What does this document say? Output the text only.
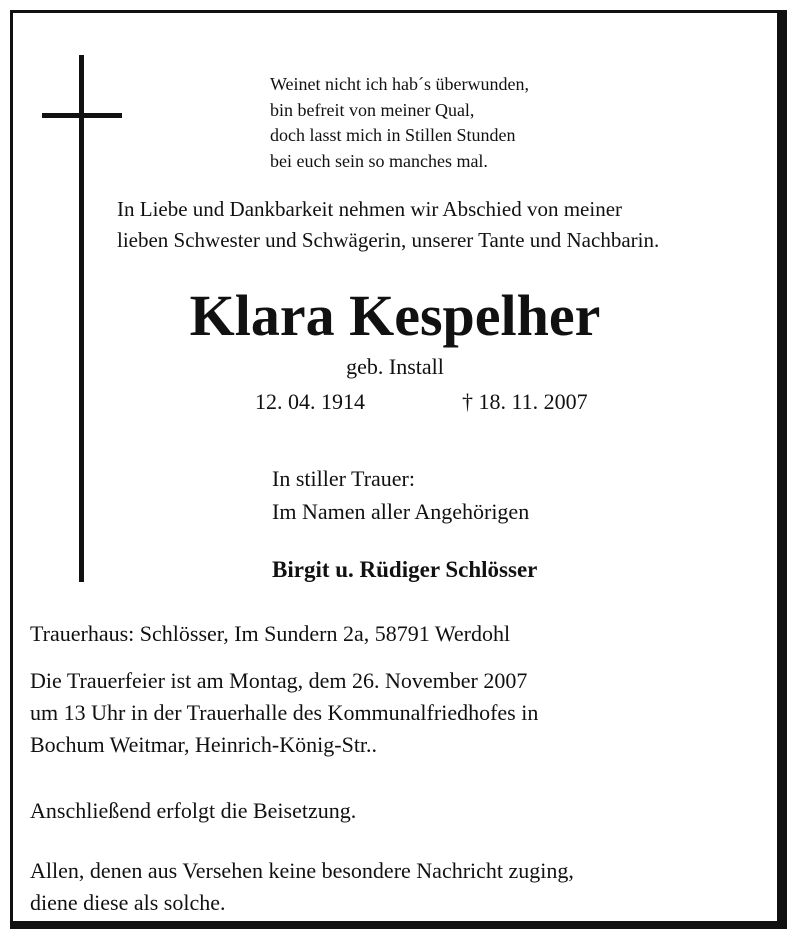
Weinet nicht ich hab´s überwunden,
bin befreit von meiner Qual,
doch lasst mich in Stillen Stunden
bei euch sein so manches mal.
In Liebe und Dankbarkeit nehmen wir Abschied von meiner
lieben Schwester und Schwägerin, unserer Tante und Nachbarin.
Klara Kespelher
geb. Install
12. 04. 1914	† 18. 11. 2007
In stiller Trauer:
Im Namen aller Angehörigen
Birgit u. Rüdiger Schlösser
Trauerhaus: Schlösser, Im Sundern 2a, 58791 Werdohl
Die Trauerfeier ist am Montag, dem 26. November 2007
um 13 Uhr in der Trauerhalle des Kommunalfriedhofes in
Bochum Weitmar, Heinrich-König-Str..
Anschließend erfolgt die Beisetzung.
Allen, denen aus Versehen keine besondere Nachricht zuging,
diene diese als solche.
